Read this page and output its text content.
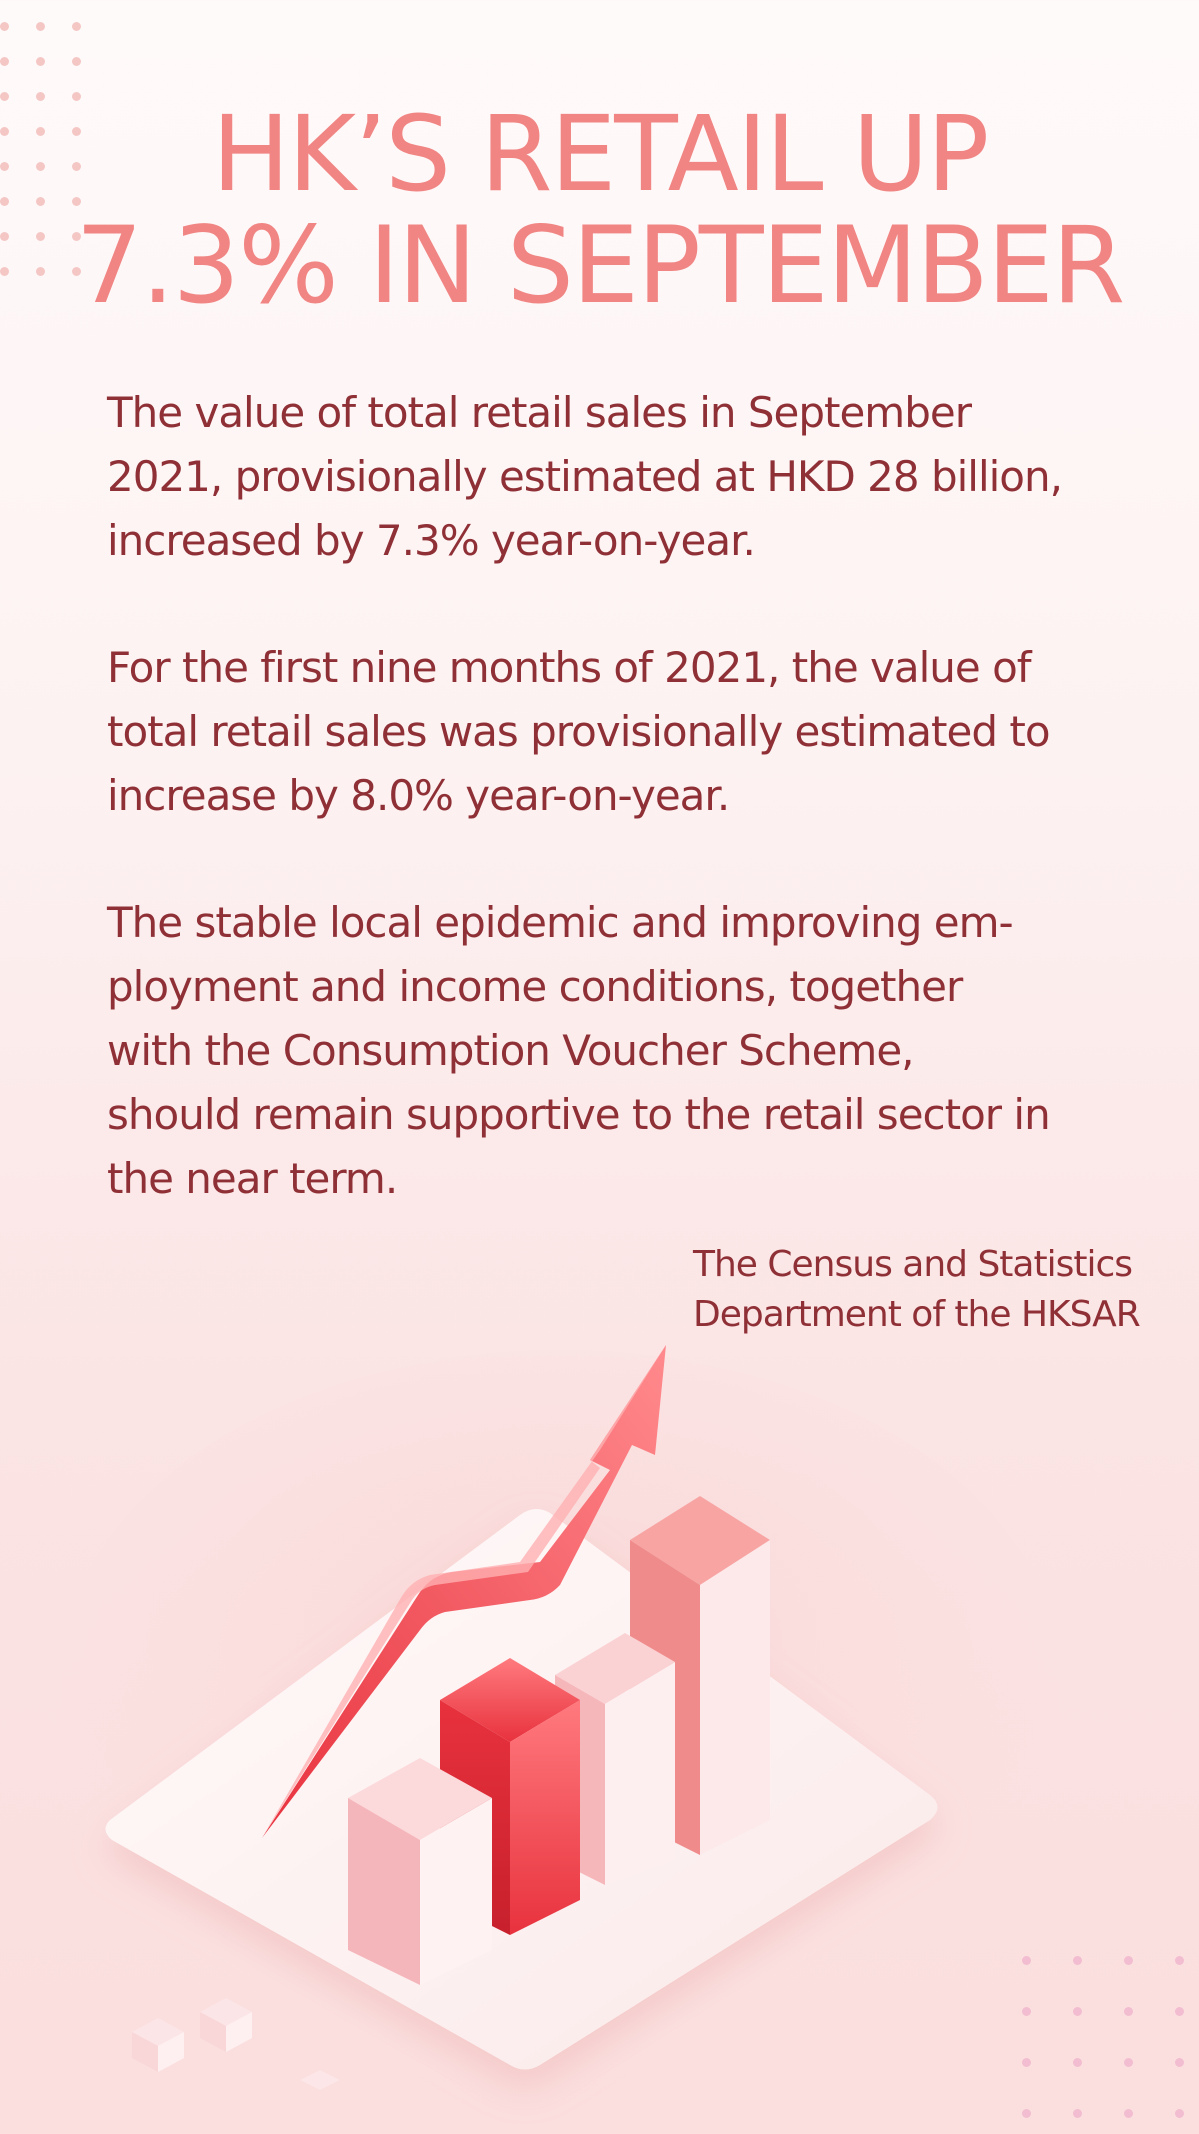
HK’S RETAIL UP
7.3% IN SEPTEMBER

The value of total retail sales in September
2021, provisionally estimated at HKD 28 billion,
increased by 7.3% year-on-year.

For the first nine months of 2021, the value of
total retail sales was provisionally estimated to
increase by 8.0% year-on-year.

The stable local epidemic and improving em-
ployment and income conditions, together
with the Consumption Voucher Scheme,
should remain supportive to the retail sector in
the near term.

The Census and Statistics
Department of the HKSAR
